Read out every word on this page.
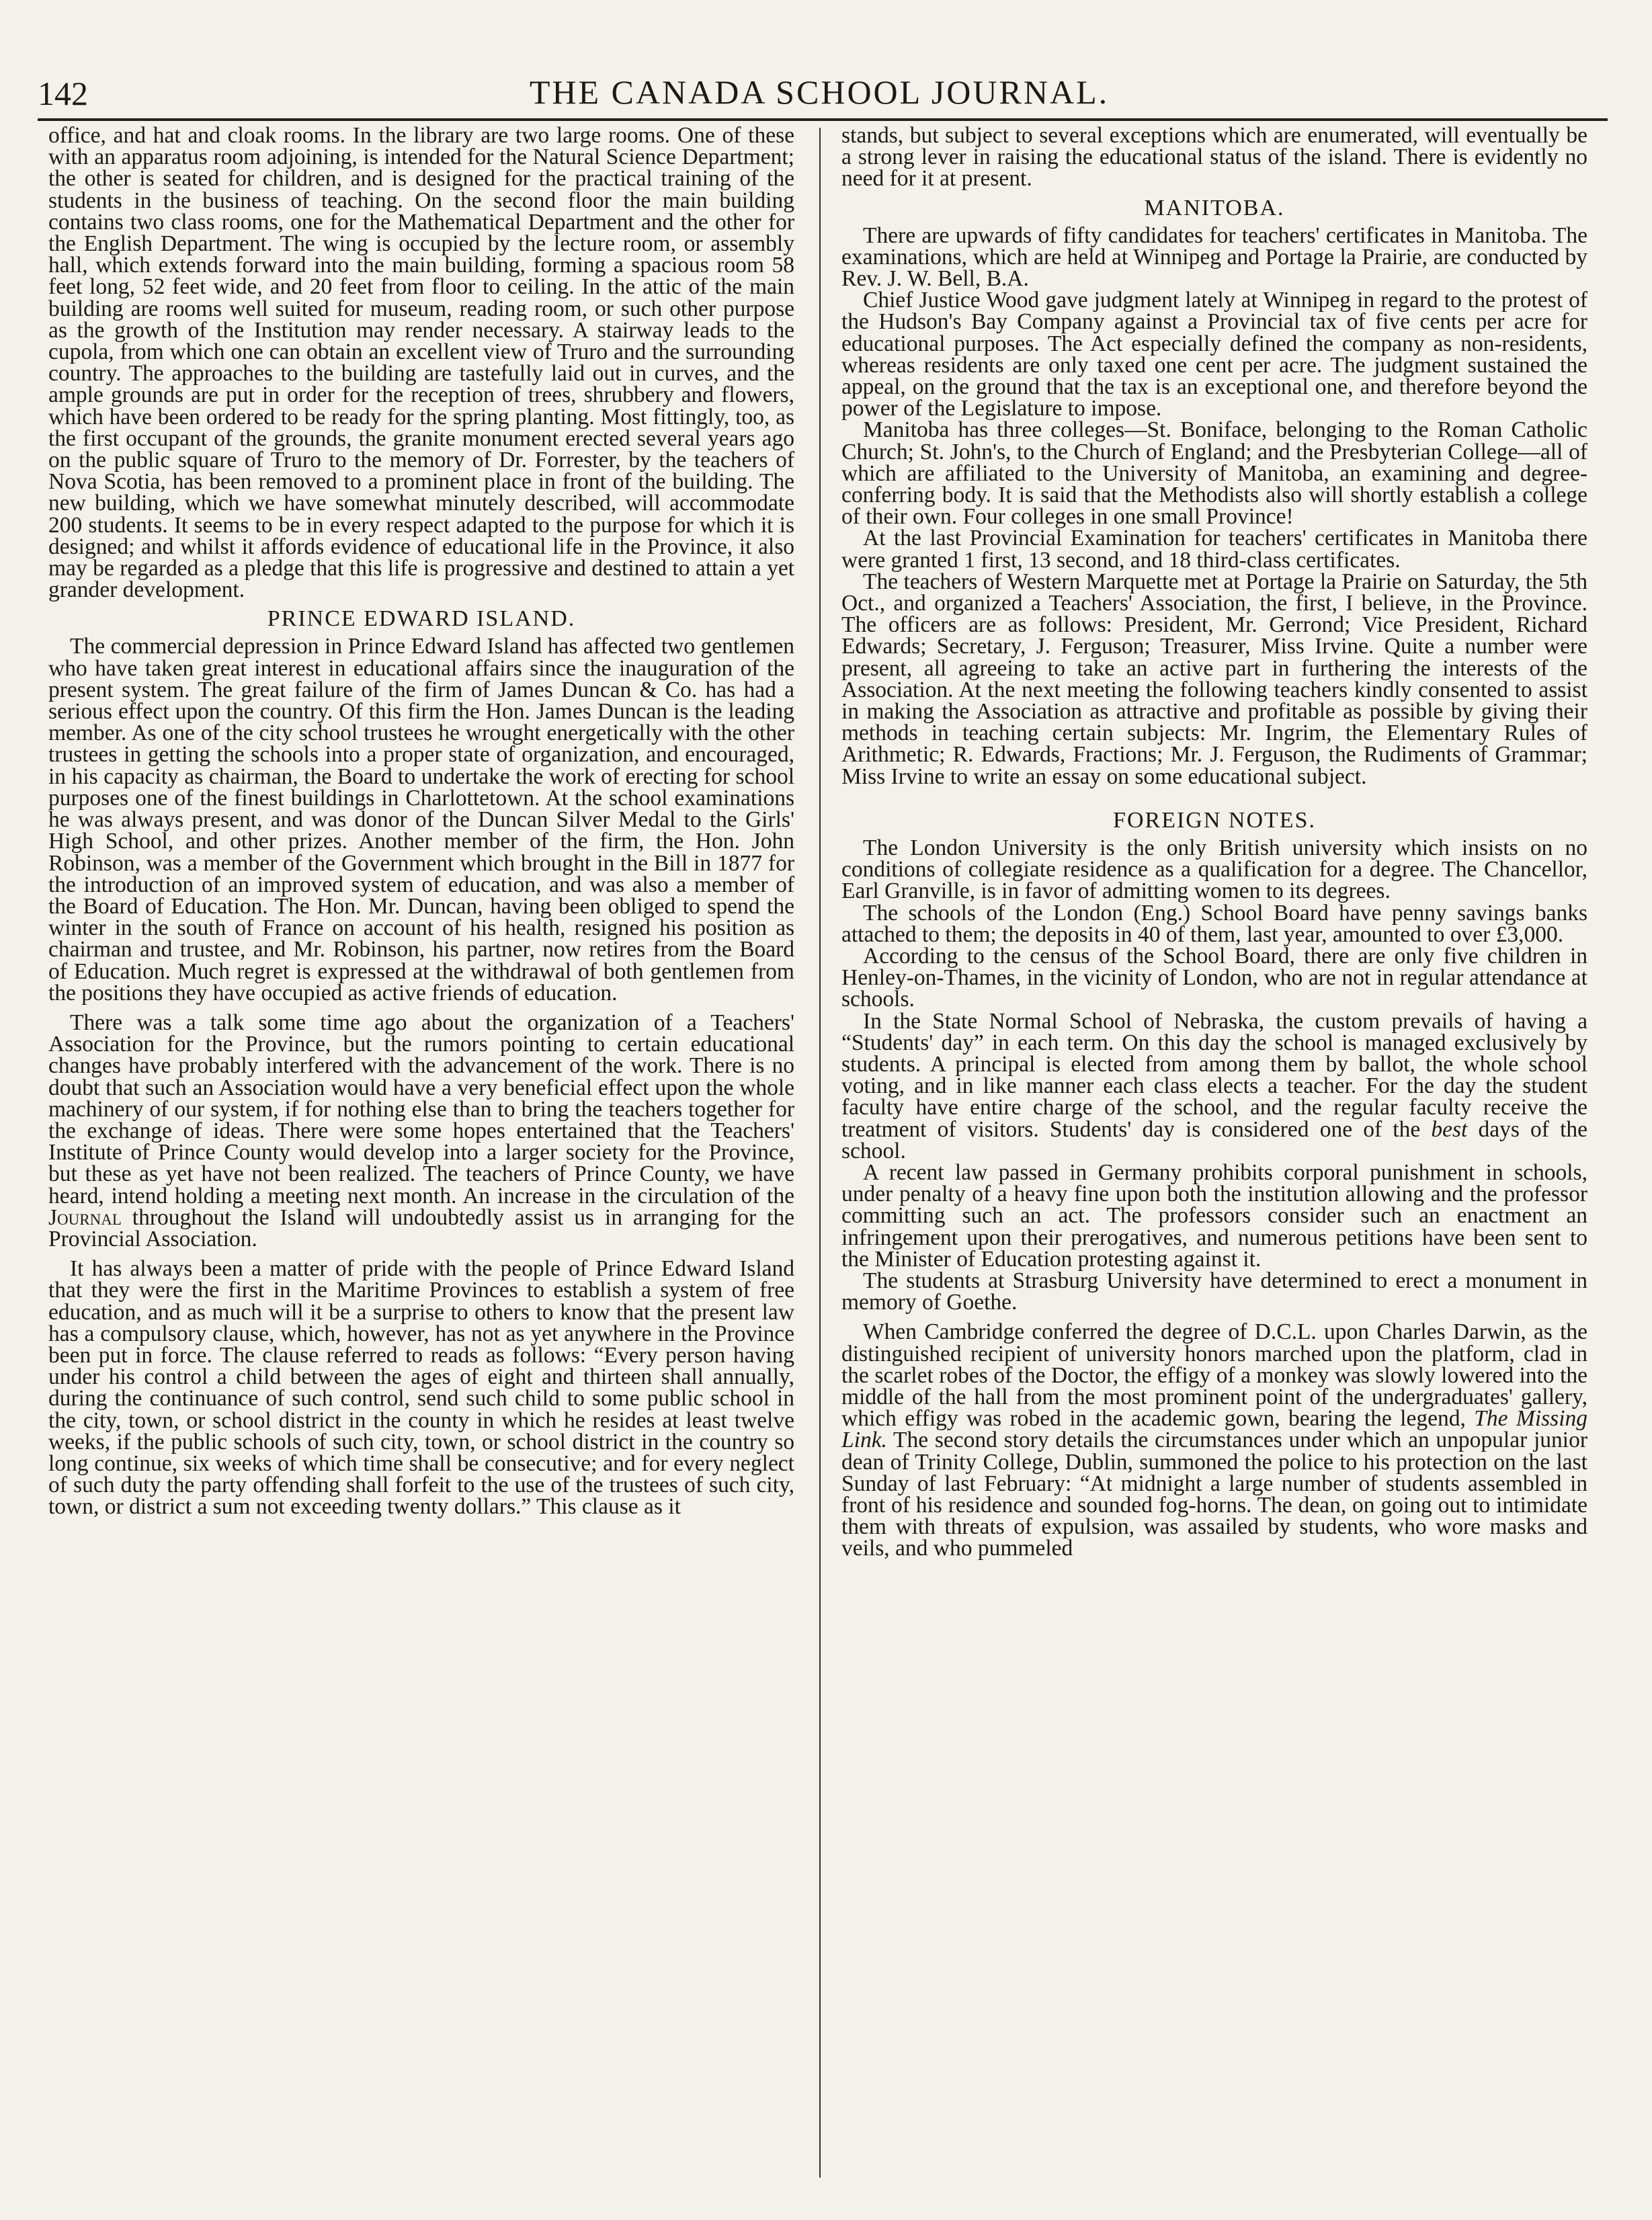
142	THE CANADA SCHOOL JOURNAL.

office, and hat and cloak rooms. In the library are two large rooms. One of these with an apparatus room adjoining, is intended for the Natural Science Department; the other is seated for children, and is designed for the practical training of the students in the business of teaching. On the second floor the main building contains two class rooms, one for the Mathematical Department and the other for the English Department. The wing is occupied by the lecture room, or assembly hall, which extends forward into the main building, forming a spacious room 58 feet long, 52 feet wide, and 20 feet from floor to ceiling. In the attic of the main building are rooms well suited for museum, reading room, or such other purpose as the growth of the Institution may render necessary. A stairway leads to the cupola, from which one can obtain an excellent view of Truro and the surrounding country. The approaches to the building are tastefully laid out in curves, and the ample grounds are put in order for the reception of trees, shrubbery and flowers, which have been ordered to be ready for the spring planting. Most fittingly, too, as the first occupant of the grounds, the granite monument erected several years ago on the public square of Truro to the memory of Dr. Forrester, by the teachers of Nova Scotia, has been removed to a prominent place in front of the building. The new building, which we have somewhat minutely described, will accommodate 200 students. It seems to be in every respect adapted to the purpose for which it is designed; and whilst it affords evidence of educational life in the Province, it also may be regarded as a pledge that this life is progressive and destined to attain a yet grander development.

PRINCE EDWARD ISLAND.

The commercial depression in Prince Edward Island has affected two gentlemen who have taken great interest in educational affairs since the inauguration of the present system. The great failure of the firm of James Duncan & Co. has had a serious effect upon the country. Of this firm the Hon. James Duncan is the leading member. As one of the city school trustees he wrought energetically with the other trustees in getting the schools into a proper state of organization, and encouraged, in his capacity as chairman, the Board to undertake the work of erecting for school purposes one of the finest buildings in Charlottetown. At the school examinations he was always present, and was donor of the Duncan Silver Medal to the Girls' High School, and other prizes. Another member of the firm, the Hon. John Robinson, was a member of the Government which brought in the Bill in 1877 for the introduction of an improved system of education, and was also a member of the Board of Education. The Hon. Mr. Duncan, having been obliged to spend the winter in the south of France on account of his health, resigned his position as chairman and trustee, and Mr. Robinson, his partner, now retires from the Board of Education. Much regret is expressed at the withdrawal of both gentlemen from the positions they have occupied as active friends of education.

There was a talk some time ago about the organization of a Teachers' Association for the Province, but the rumors pointing to certain educational changes have probably interfered with the advancement of the work. There is no doubt that such an Association would have a very beneficial effect upon the whole machinery of our system, if for nothing else than to bring the teachers together for the exchange of ideas. There were some hopes entertained that the Teachers' Institute of Prince County would develop into a larger society for the Province, but these as yet have not been realized. The teachers of Prince County, we have heard, intend holding a meeting next month. An increase in the circulation of the Journal throughout the Island will undoubtedly assist us in arranging for the Provincial Association.

It has always been a matter of pride with the people of Prince Edward Island that they were the first in the Maritime Provinces to establish a system of free education, and as much will it be a surprise to others to know that the present law has a compulsory clause, which, however, has not as yet anywhere in the Province been put in force. The clause referred to reads as follows: “Every person having under his control a child between the ages of eight and thirteen shall annually, during the continuance of such control, send such child to some public school in the city, town, or school district in the county in which he resides at least twelve weeks, if the public schools of such city, town, or school district in the country so long continue, six weeks of which time shall be consecutive; and for every neglect of such duty the party offending shall forfeit to the use of the trustees of such city, town, or district a sum not exceeding twenty dollars.” This clause as it

stands, but subject to several exceptions which are enumerated, will eventually be a strong lever in raising the educational status of the island. There is evidently no need for it at present.

MANITOBA.

There are upwards of fifty candidates for teachers' certificates in Manitoba. The examinations, which are held at Winnipeg and Portage la Prairie, are conducted by Rev. J. W. Bell, B.A.

Chief Justice Wood gave judgment lately at Winnipeg in regard to the protest of the Hudson's Bay Company against a Provincial tax of five cents per acre for educational purposes. The Act especially defined the company as non-residents, whereas residents are only taxed one cent per acre. The judgment sustained the appeal, on the ground that the tax is an exceptional one, and therefore beyond the power of the Legislature to impose.

Manitoba has three colleges—St. Boniface, belonging to the Roman Catholic Church; St. John's, to the Church of England; and the Presbyterian College—all of which are affiliated to the University of Manitoba, an examining and degree-conferring body. It is said that the Methodists also will shortly establish a college of their own. Four colleges in one small Province!

At the last Provincial Examination for teachers' certificates in Manitoba there were granted 1 first, 13 second, and 18 third-class certificates.

The teachers of Western Marquette met at Portage la Prairie on Saturday, the 5th Oct., and organized a Teachers' Association, the first, I believe, in the Province. The officers are as follows: President, Mr. Gerrond; Vice President, Richard Edwards; Secretary, J. Ferguson; Treasurer, Miss Irvine. Quite a number were present, all agreeing to take an active part in furthering the interests of the Association. At the next meeting the following teachers kindly consented to assist in making the Association as attractive and profitable as possible by giving their methods in teaching certain subjects: Mr. Ingrim, the Elementary Rules of Arithmetic; R. Edwards, Fractions; Mr. J. Ferguson, the Rudiments of Grammar; Miss Irvine to write an essay on some educational subject.

FOREIGN NOTES.

The London University is the only British university which insists on no conditions of collegiate residence as a qualification for a degree. The Chancellor, Earl Granville, is in favor of admitting women to its degrees.

The schools of the London (Eng.) School Board have penny savings banks attached to them; the deposits in 40 of them, last year, amounted to over £3,000.

According to the census of the School Board, there are only five children in Henley-on-Thames, in the vicinity of London, who are not in regular attendance at schools.

In the State Normal School of Nebraska, the custom prevails of having a “Students' day” in each term. On this day the school is managed exclusively by students. A principal is elected from among them by ballot, the whole school voting, and in like manner each class elects a teacher. For the day the student faculty have entire charge of the school, and the regular faculty receive the treatment of visitors. Students' day is considered one of the best days of the school.

A recent law passed in Germany prohibits corporal punishment in schools, under penalty of a heavy fine upon both the institution allowing and the professor committing such an act. The professors consider such an enactment an infringement upon their prerogatives, and numerous petitions have been sent to the Minister of Education protesting against it.

The students at Strasburg University have determined to erect a monument in memory of Goethe.

When Cambridge conferred the degree of D.C.L. upon Charles Darwin, as the distinguished recipient of university honors marched upon the platform, clad in the scarlet robes of the Doctor, the effigy of a monkey was slowly lowered into the middle of the hall from the most prominent point of the undergraduates' gallery, which effigy was robed in the academic gown, bearing the legend, The Missing Link. The second story details the circumstances under which an unpopular junior dean of Trinity College, Dublin, summoned the police to his protection on the last Sunday of last February: “At midnight a large number of students assembled in front of his residence and sounded fog-horns. The dean, on going out to intimidate them with threats of expulsion, was assailed by students, who wore masks and veils, and who pummeled
